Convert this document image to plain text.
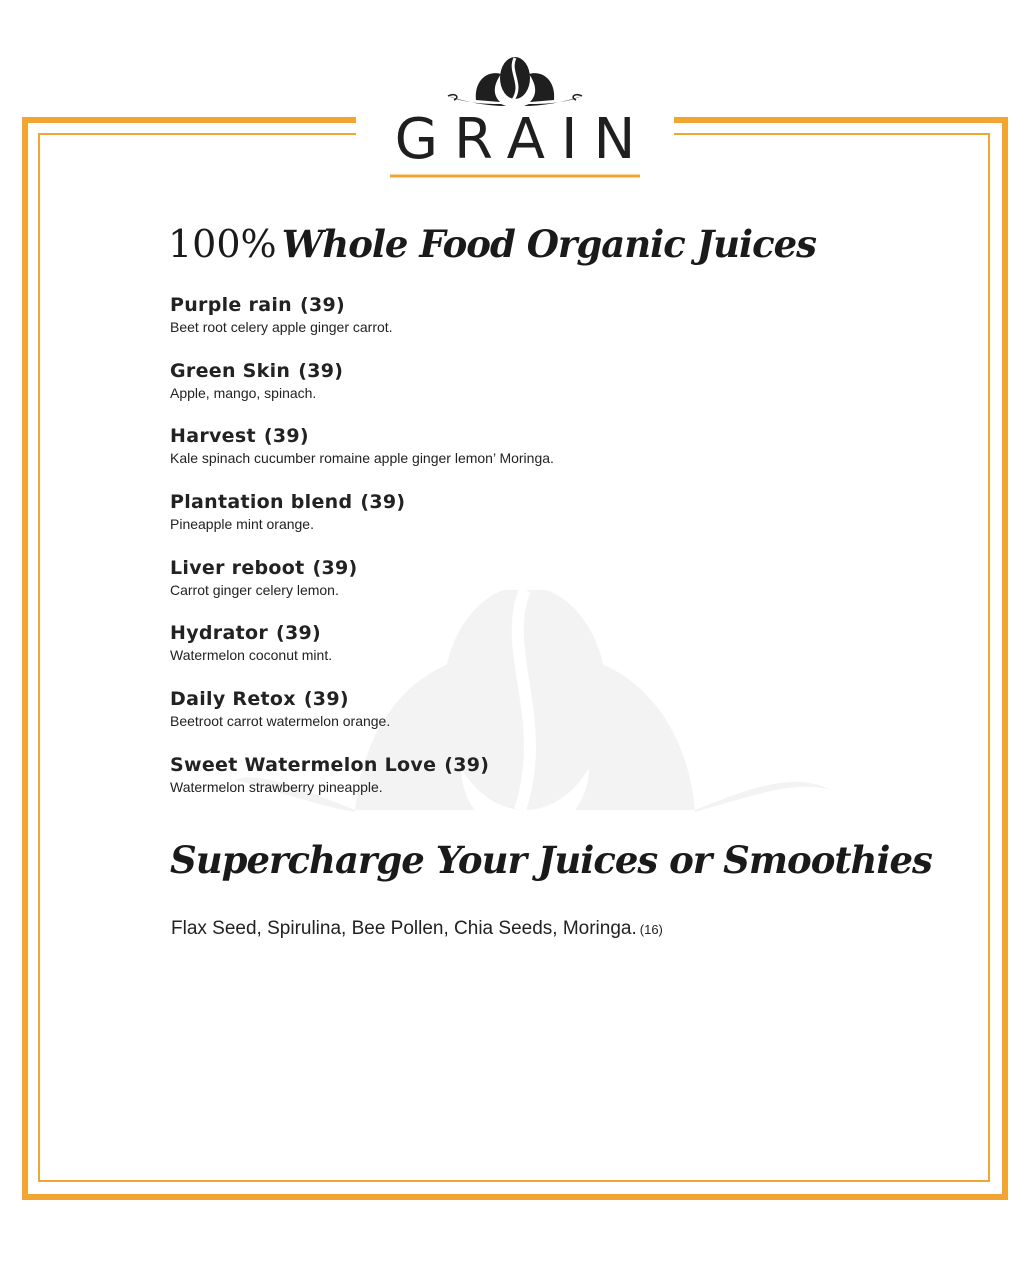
GRAIN
100% Whole Food Organic Juices
Purple rain (39)
Beet root celery apple ginger carrot.
Green Skin (39)
Apple, mango, spinach.
Harvest (39)
Kale spinach cucumber romaine apple ginger lemon’ Moringa.
Plantation blend (39)
Pineapple mint orange.
Liver reboot (39)
Carrot ginger celery lemon.
Hydrator (39)
Watermelon coconut mint.
Daily Retox (39)
Beetroot carrot watermelon orange.
Sweet Watermelon Love (39)
Watermelon strawberry pineapple.
Supercharge Your Juices or Smoothies
Flax Seed, Spirulina, Bee Pollen, Chia Seeds, Moringa. (16)
